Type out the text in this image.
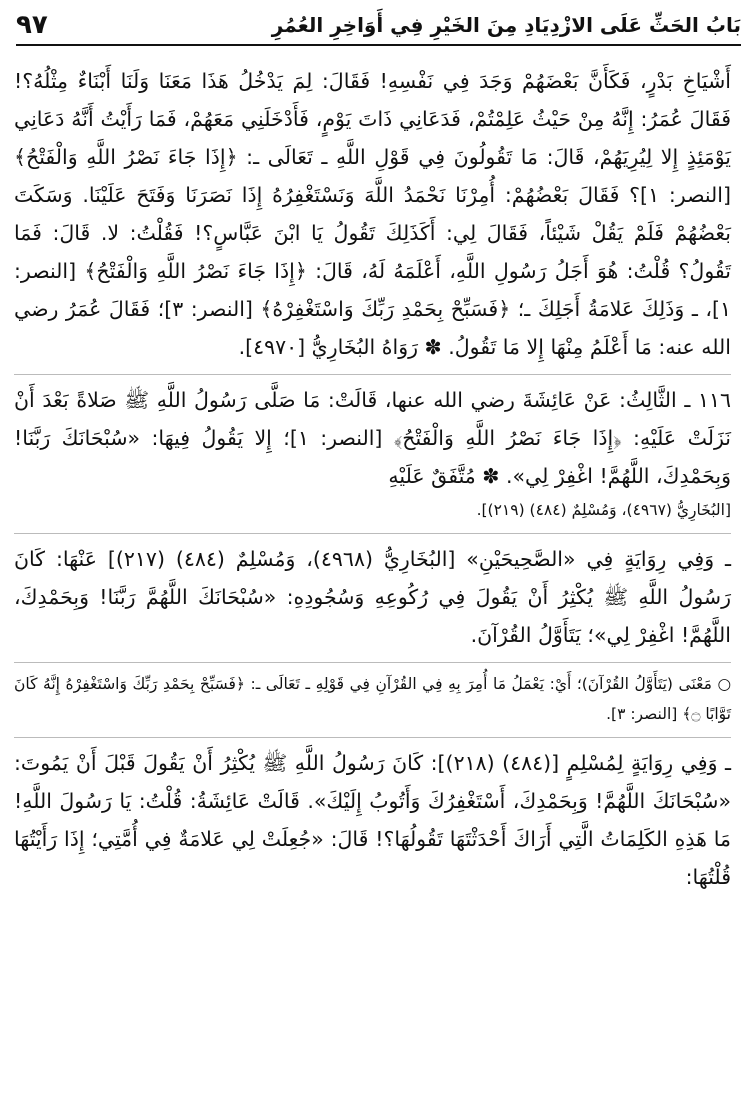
بَابُ الحَثِّ عَلَى الازْدِيَادِ مِنَ الخَيْرِ فِي أَوَاخِرِ العُمُرِ
٩٧

أَشْيَاخِ بَدْرٍ، فَكَأَنَّ بَعْضَهُمْ وَجَدَ فِي نَفْسِهِ! فَقَالَ: لِمَ يَدْخُلُ هَذَا مَعَنَا وَلَنَا أَبْنَاءٌ مِثْلُهُ؟! فَقَالَ عُمَرُ: إِنَّهُ مِنْ حَيْثُ عَلِمْتُمْ، فَدَعَانِي ذَاتَ يَوْمٍ، فَأَدْخَلَنِي مَعَهُمْ، فَمَا رَأَيْتُ أَنَّهُ دَعَانِي يَوْمَئِذٍ إِلا لِيُرِيَهُمْ، قَالَ: مَا تَقُولُونَ فِي قَوْلِ اللَّهِ ـ تَعَالَى ـ: ﴿إِذَا جَاءَ نَصْرُ اللَّهِ وَالْفَتْحُ﴾ [النصر: ١]؟ فَقَالَ بَعْضُهُمْ: أُمِرْنَا نَحْمَدُ اللَّهَ وَنَسْتَغْفِرُهُ إِذَا نَصَرَنَا وَفَتَحَ عَلَيْنَا. وَسَكَتَ بَعْضُهُمْ فَلَمْ يَقُلْ شَيْئاً، فَقَالَ لِي: أَكَذَلِكَ تَقُولُ يَا ابْنَ عَبَّاسٍ؟! فَقُلْتُ: لا. قَالَ: فَمَا تَقُولُ؟ قُلْتُ: هُوَ أَجَلُ رَسُولِ اللَّهِ، أَعْلَمَهُ لَهُ، قَالَ: ﴿إِذَا جَاءَ نَصْرُ اللَّهِ وَالْفَتْحُ﴾ [النصر: ١]، ـ وَذَلِكَ عَلامَةُ أَجَلِكَ ـ؛ ﴿فَسَبِّحْ بِحَمْدِ رَبِّكَ وَاسْتَغْفِرْهُ﴾ [النصر: ٣]؛ فَقَالَ عُمَرُ رضي الله عنه: مَا أَعْلَمُ مِنْهَا إِلا مَا تَقُولُ. ✽ رَوَاهُ البُخَارِيُّ [٤٩٧٠].

١١٦ ـ الثَّالِثُ: عَنْ عَائِشَةَ رضي الله عنها، قَالَتْ: مَا صَلَّى رَسُولُ اللَّهِ ﷺ صَلاةً بَعْدَ أَنْ نَزَلَتْ عَلَيْهِ: ﴿إِذَا جَاءَ نَصْرُ اللَّهِ وَالْفَتْحُ﴾ [النصر: ١]؛ إِلا يَقُولُ فِيهَا: «سُبْحَانَكَ رَبَّنَا! وَبِحَمْدِكَ، اللَّهُمَّ! اغْفِرْ لِي». ✽ مُتَّفَقٌ عَلَيْهِ

[البُخَارِيُّ (٤٩٦٧)، وَمُسْلِمٌ (٤٨٤) (٢١٩)].

ـ وَفِي رِوَايَةٍ فِي «الصَّحِيحَيْنِ» [البُخَارِيُّ (٤٩٦٨)، وَمُسْلِمٌ (٤٨٤) (٢١٧)] عَنْهَا: كَانَ رَسُولُ اللَّهِ ﷺ يُكْثِرُ أَنْ يَقُولَ فِي رُكُوعِهِ وَسُجُودِهِ: «سُبْحَانَكَ اللَّهُمَّ رَبَّنَا! وَبِحَمْدِكَ، اللَّهُمَّ! اغْفِرْ لِي»؛ يَتَأَوَّلُ القُرْآنَ.

○ مَعْنَى (يَتَأَوَّلُ القُرْآنَ)؛ أَيْ: يَعْمَلُ مَا أُمِرَ بِهِ فِي القُرْآنِ فِي قَوْلِهِ ـ تَعَالَى ـ: ﴿فَسَبِّحْ بِحَمْدِ رَبِّكَ وَاسْتَغْفِرْهُ إِنَّهُ كَانَ تَوَّابًا ۝﴾ [النصر: ٣].

ـ وَفِي رِوَايَةٍ لِمُسْلِمٍ [(٤٨٤) (٢١٨)]: كَانَ رَسُولُ اللَّهِ ﷺ يُكْثِرُ أَنْ يَقُولَ قَبْلَ أَنْ يَمُوتَ: «سُبْحَانَكَ اللَّهُمَّ! وَبِحَمْدِكَ، أَسْتَغْفِرُكَ وَأَتُوبُ إِلَيْكَ». قَالَتْ عَائِشَةُ: قُلْتُ: يَا رَسُولَ اللَّهِ! مَا هَذِهِ الكَلِمَاتُ الَّتِي أَرَاكَ أَحْدَثْتَهَا تَقُولُهَا؟! قَالَ: «جُعِلَتْ لِي عَلامَةٌ فِي أُمَّتِي؛ إِذَا رَأَيْتُهَا قُلْتُهَا:
